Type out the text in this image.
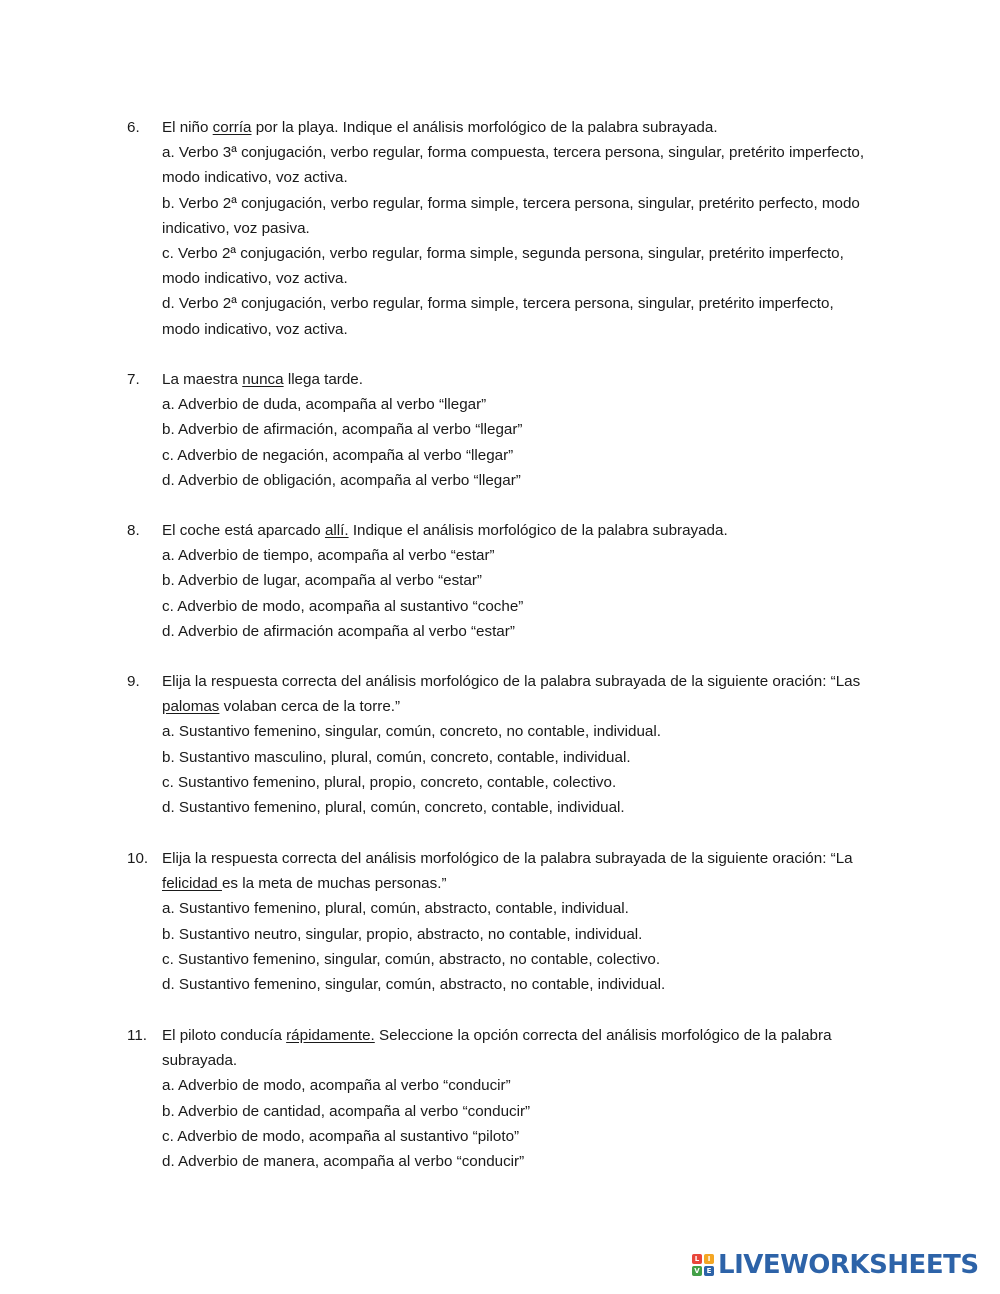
6.	El niño corría por la playa. Indique el análisis morfológico de la palabra subrayada.
a. Verbo 3ª conjugación, verbo regular, forma compuesta, tercera persona, singular, pretérito imperfecto, modo indicativo, voz activa.
b. Verbo 2ª conjugación, verbo regular, forma simple, tercera persona, singular, pretérito perfecto, modo indicativo, voz pasiva.
c. Verbo 2ª conjugación, verbo regular, forma simple, segunda persona, singular, pretérito imperfecto, modo indicativo, voz activa.
d. Verbo 2ª conjugación, verbo regular, forma simple, tercera persona, singular, pretérito imperfecto, modo indicativo, voz activa.
7.	La maestra nunca llega tarde.
a. Adverbio de duda, acompaña al verbo “llegar”
b. Adverbio de afirmación, acompaña al verbo “llegar”
c. Adverbio de negación, acompaña al verbo “llegar”
d. Adverbio de obligación, acompaña al verbo “llegar”
8.	El coche está aparcado allí. Indique el análisis morfológico de la palabra subrayada.
a. Adverbio de tiempo, acompaña al verbo “estar”
b. Adverbio de lugar, acompaña al verbo “estar”
c. Adverbio de modo, acompaña al sustantivo “coche”
d. Adverbio de afirmación acompaña al verbo “estar”
9.	Elija la respuesta correcta del análisis morfológico de la palabra subrayada de la siguiente oración: “Las palomas volaban cerca de la torre.”
a. Sustantivo femenino, singular, común, concreto, no contable, individual.
b. Sustantivo masculino, plural, común, concreto, contable, individual.
c. Sustantivo femenino, plural, propio, concreto, contable, colectivo.
d. Sustantivo femenino, plural, común, concreto, contable, individual.
10. Elija la respuesta correcta del análisis morfológico de la palabra subrayada de la siguiente oración: “La felicidad es la meta de muchas personas.”
a. Sustantivo femenino, plural, común, abstracto, contable, individual.
b. Sustantivo neutro, singular, propio, abstracto, no contable, individual.
c. Sustantivo femenino, singular, común, abstracto, no contable, colectivo.
d. Sustantivo femenino, singular, común, abstracto, no contable, individual.
11. El piloto conducía rápidamente. Seleccione la opción correcta del análisis morfológico de la palabra subrayada.
a. Adverbio de modo, acompaña al verbo “conducir”
b. Adverbio de cantidad, acompaña al verbo “conducir”
c. Adverbio de modo, acompaña al sustantivo “piloto”
d. Adverbio de manera, acompaña al verbo “conducir”
L	I
V E LIVEWORKSHEETS
